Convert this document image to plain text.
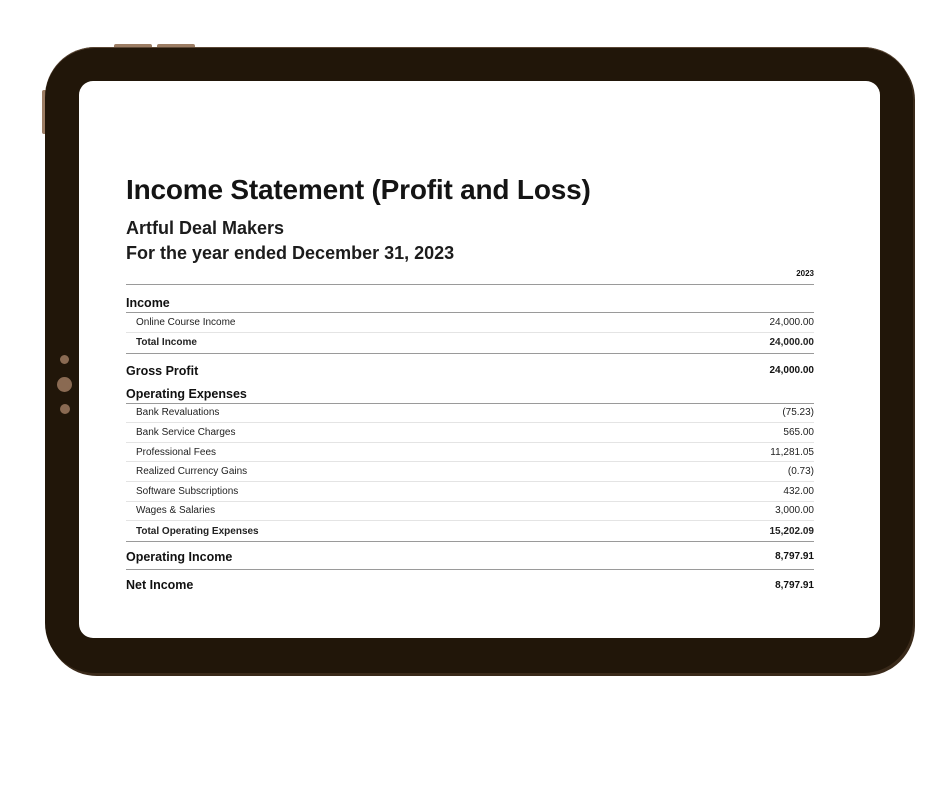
Income Statement (Profit and Loss)
Artful Deal Makers
For the year ended December 31, 2023
2023
Income
Online Course Income	24,000.00
Total Income	24,000.00
Gross Profit	24,000.00
Operating Expenses
Bank Revaluations	(75.23)
Bank Service Charges	565.00
Professional Fees	11,281.05
Realized Currency Gains	(0.73)
Software Subscriptions	432.00
Wages & Salaries	3,000.00
Total Operating Expenses	15,202.09
Operating Income	8,797.91
Net Income	8,797.91
